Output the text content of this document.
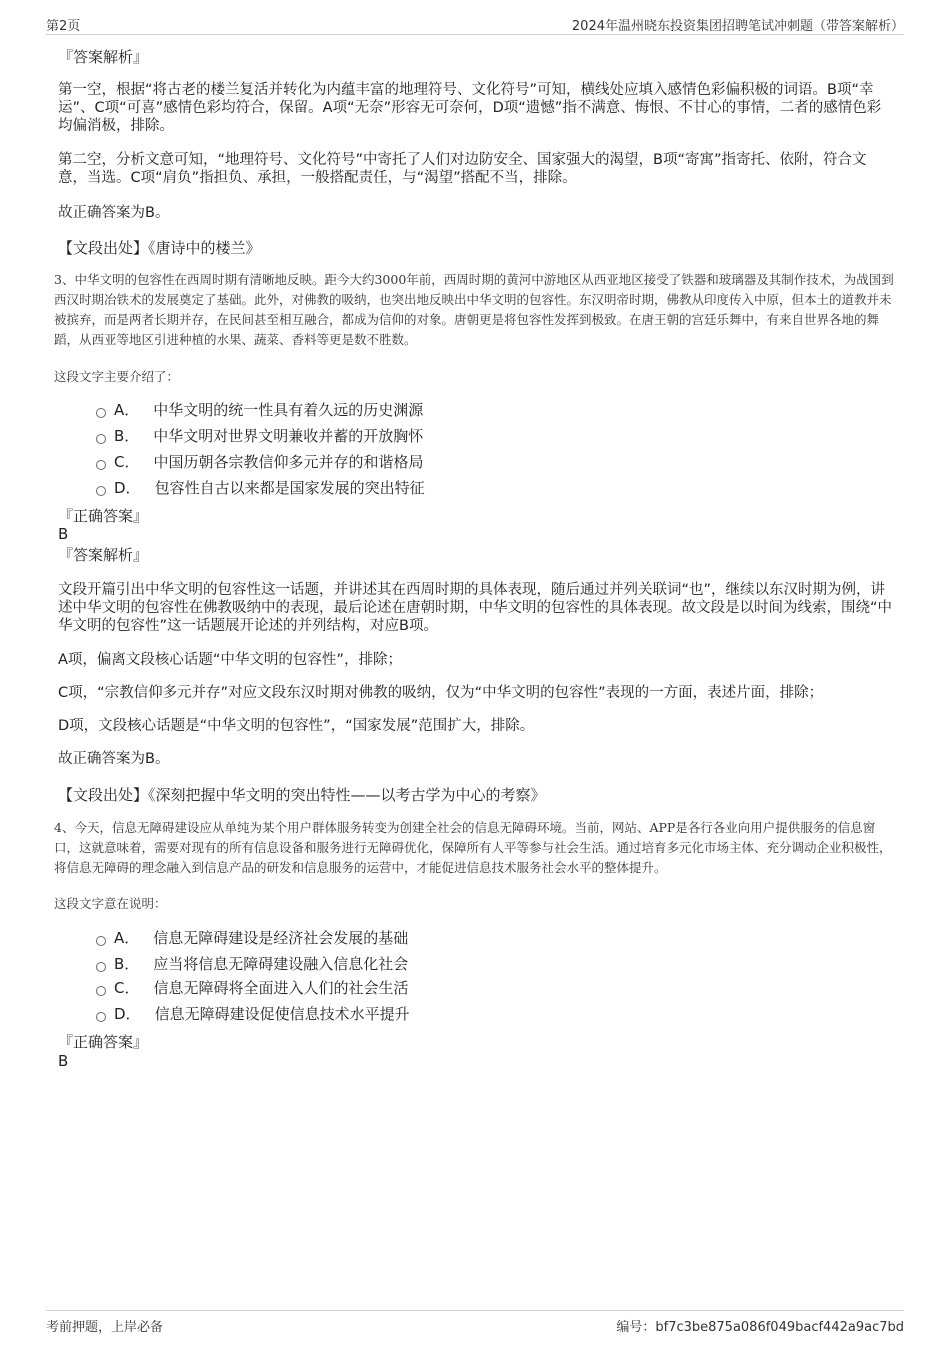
第2页	2024年温州晓东投资集团招聘笔试冲刺题（带答案解析）
『答案解析』
第一空，根据“将古老的楼兰复活并转化为内蕴丰富的地理符号、文化符号”可知，横线处应填入感情色彩偏积极的词语。B项“幸运”、C项“可喜”感情色彩均符合，保留。A项“无奈”形容无可奈何，D项“遗憾”指不满意、悔恨、不甘心的事情，二者的感情色彩均偏消极，排除。
第二空，分析文意可知，“地理符号、文化符号”中寄托了人们对边防安全、国家强大的渴望，B项“寄寓”指寄托、依附，符合文意，当选。C项“肩负”指担负、承担，一般搭配责任，与“渴望”搭配不当，排除。
故正确答案为B。
【文段出处】《唐诗中的楼兰》
3、中华文明的包容性在西周时期有清晰地反映。距今大约3000年前，西周时期的黄河中游地区从西亚地区接受了铁器和玻璃器及其制作技术，为战国到西汉时期冶铁术的发展奠定了基础。此外，对佛教的吸纳，也突出地反映出中华文明的包容性。东汉明帝时期，佛教从印度传入中原，但本土的道教并未被摈弃，而是两者长期并存，在民间甚至相互融合，都成为信仰的对象。唐朝更是将包容性发挥到极致。在唐王朝的宫廷乐舞中，有来自世界各地的舞蹈，从西亚等地区引进种植的水果、蔬菜、香料等更是数不胜数。
这段文字主要介绍了：
A． 中华文明的统一性具有着久远的历史渊源
B． 中华文明对世界文明兼收并蓄的开放胸怀
C． 中国历朝各宗教信仰多元并存的和谐格局
D． 包容性自古以来都是国家发展的突出特征
『正确答案』
B
『答案解析』
文段开篇引出中华文明的包容性这一话题，并讲述其在西周时期的具体表现，随后通过并列关联词“也”，继续以东汉时期为例，讲述中华文明的包容性在佛教吸纳中的表现，最后论述在唐朝时期，中华文明的包容性的具体表现。故文段是以时间为线索，围绕“中华文明的包容性”这一话题展开论述的并列结构，对应B项。
A项，偏离文段核心话题“中华文明的包容性”，排除；
C项，“宗教信仰多元并存”对应文段东汉时期对佛教的吸纳，仅为“中华文明的包容性”表现的一方面，表述片面，排除；
D项，文段核心话题是“中华文明的包容性”，“国家发展”范围扩大，排除。
故正确答案为B。
【文段出处】《深刻把握中华文明的突出特性——以考古学为中心的考察》
4、今天，信息无障碍建设应从单纯为某个用户群体服务转变为创建全社会的信息无障碍环境。当前，网站、APP是各行各业向用户提供服务的信息窗口，这就意味着，需要对现有的所有信息设备和服务进行无障碍优化，保障所有人平等参与社会生活。通过培育多元化市场主体、充分调动企业积极性，将信息无障碍的理念融入到信息产品的研发和信息服务的运营中，才能促进信息技术服务社会水平的整体提升。
这段文字意在说明：
A． 信息无障碍建设是经济社会发展的基础
B． 应当将信息无障碍建设融入信息化社会
C． 信息无障碍将全面进入人们的社会生活
D． 信息无障碍建设促使信息技术水平提升
『正确答案』
B
考前押题，上岸必备	编号：bf7c3be875a086f049bacf442a9ac7bd
